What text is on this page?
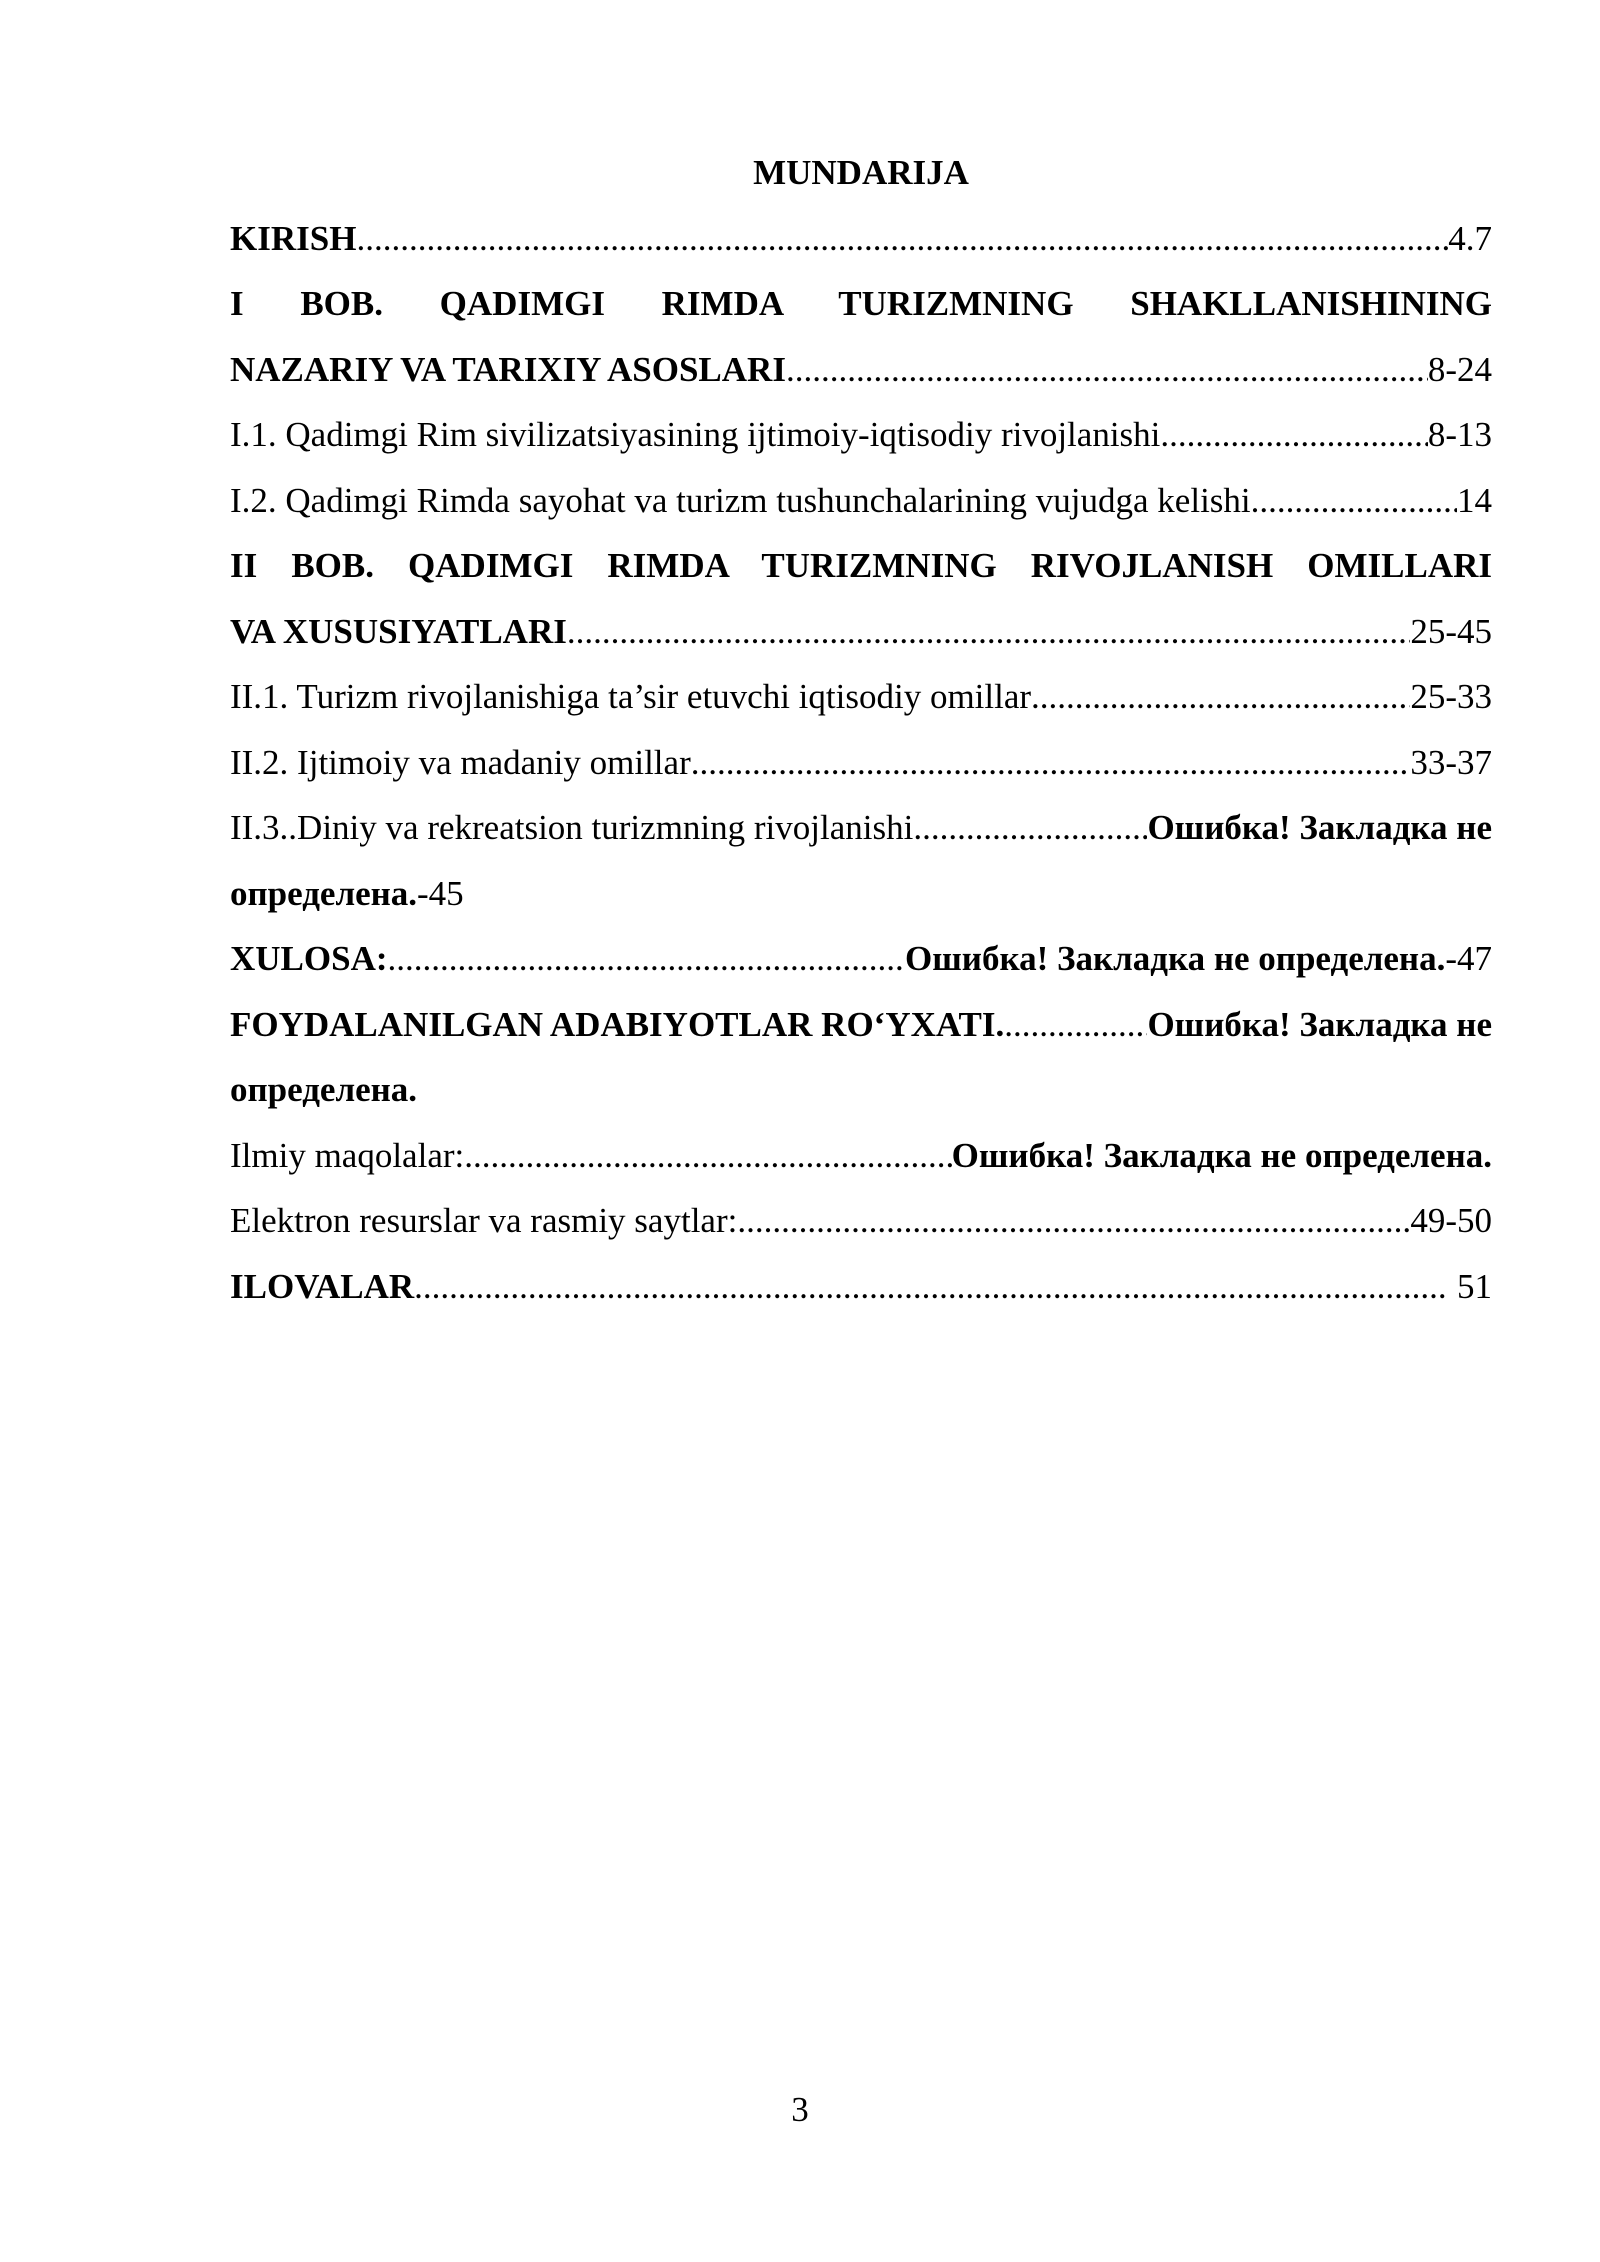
MUNDARIJA
KIRISH .....	4.7
I BOB. QADIMGI RIMDA TURIZMNING SHAKLLANISHINING
NAZARIY VA TARIXIY ASOSLARI .....	8-24
I.1. Qadimgi Rim sivilizatsiyasining ijtimoiy-iqtisodiy rivojlanishi .....	8-13
I.2. Qadimgi Rimda sayohat va turizm tushunchalarining vujudga kelishi .....	14
II BOB. QADIMGI RIMDA TURIZMNING RIVOJLANISH OMILLARI
VA XUSUSIYATLARI .....	25-45
II.1. Turizm rivojlanishiga ta’sir etuvchi iqtisodiy omillar .....	25-33
II.2. Ijtimoiy va madaniy omillar .....	33-37
II.3..Diniy va rekreatsion turizmning rivojlanishi .....	Ошибка! Закладка не
определена.-45
XULOSA: .....	Ошибка! Закладка не определена. -47
FOYDALANILGAN ADABIYOTLAR RO‘YXATI. .....	Ошибка! Закладка не
определена.
Ilmiy maqolalar: .....	Ошибка! Закладка не определена.
Elektron resurslar va rasmiy saytlar: .....	49-50
ILOVALAR .....	51
3
